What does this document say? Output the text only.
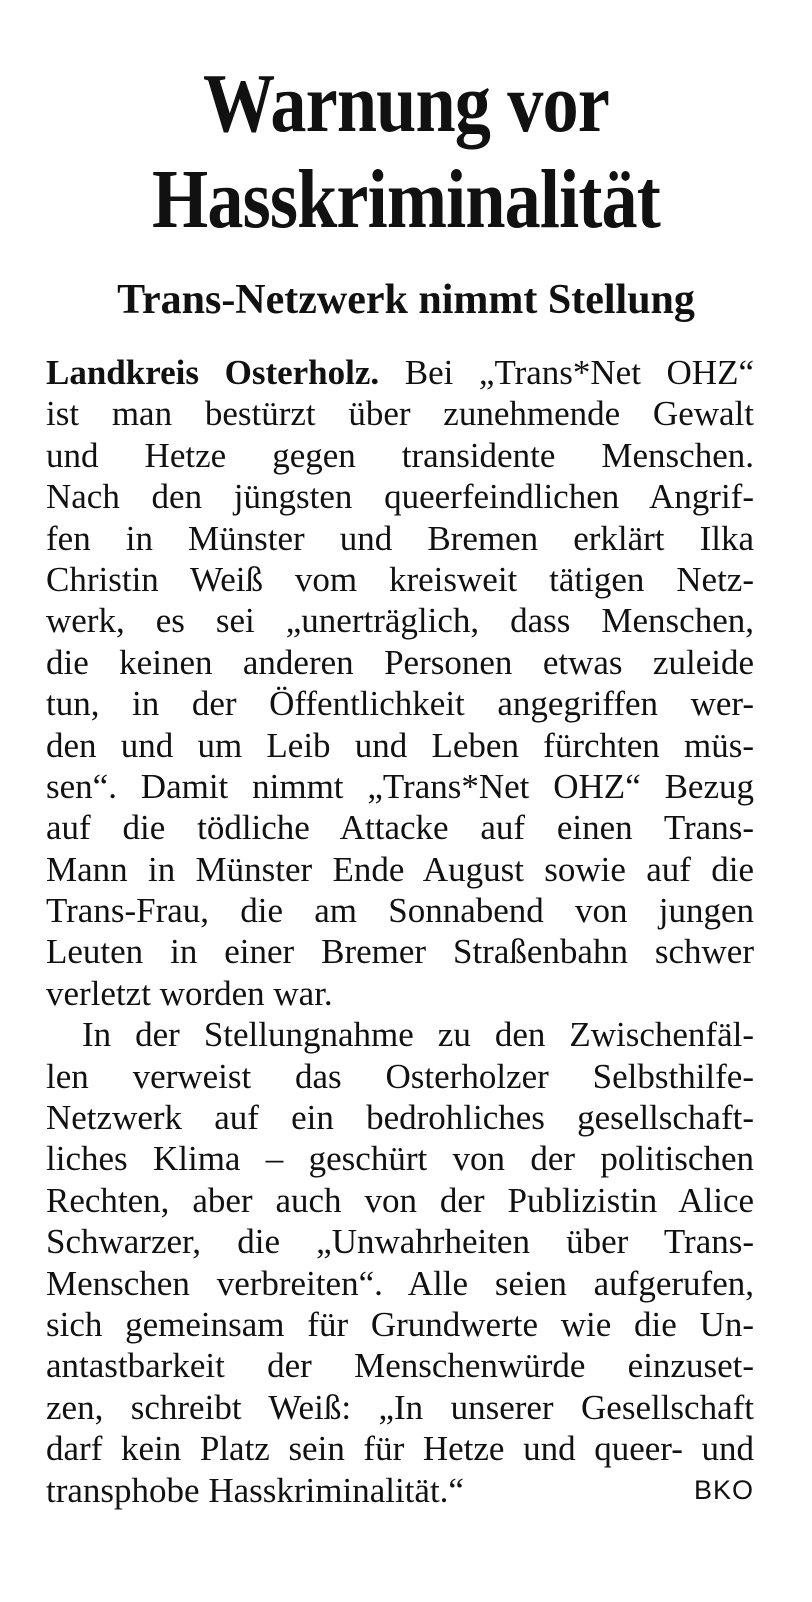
Warnung vor
Hasskriminalität
Trans-Netzwerk nimmt Stellung
Landkreis Osterholz. Bei „Trans*Net OHZ“
ist man bestürzt über zunehmende Gewalt
und Hetze gegen transidente Menschen.
Nach den jüngsten queerfeindlichen Angrif-
fen in Münster und Bremen erklärt Ilka
Christin Weiß vom kreisweit tätigen Netz-
werk, es sei „unerträglich, dass Menschen,
die keinen anderen Personen etwas zuleide
tun, in der Öffentlichkeit angegriffen wer-
den und um Leib und Leben fürchten müs-
sen“. Damit nimmt „Trans*Net OHZ“ Bezug
auf die tödliche Attacke auf einen Trans-
Mann in Münster Ende August sowie auf die
Trans-Frau, die am Sonnabend von jungen
Leuten in einer Bremer Straßenbahn schwer
verletzt worden war.
In der Stellungnahme zu den Zwischenfäl-
len verweist das Osterholzer Selbsthilfe-
Netzwerk auf ein bedrohliches gesellschaft-
liches Klima – geschürt von der politischen
Rechten, aber auch von der Publizistin Alice
Schwarzer, die „Unwahrheiten über Trans-
Menschen verbreiten“. Alle seien aufgerufen,
sich gemeinsam für Grundwerte wie die Un-
antastbarkeit der Menschenwürde einzuset-
zen, schreibt Weiß: „In unserer Gesellschaft
darf kein Platz sein für Hetze und queer- und
transphobe Hasskriminalität.“	BKO
